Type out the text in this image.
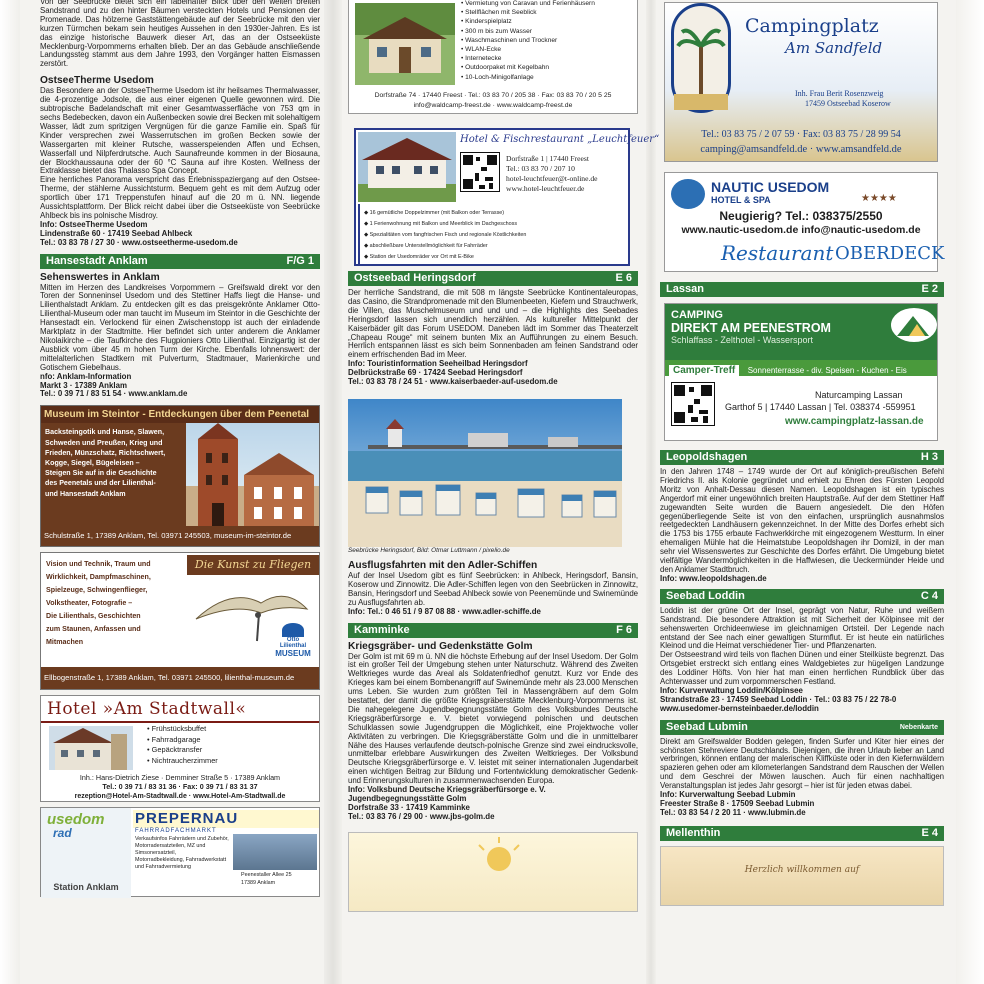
Von der Seebrücke bietet sich ein fabelhafter Blick über den weiten breiten Sandstrand und zu den hinter Bäumen versteckten Hotels und Pensionen der Promenade. Das hölzerne Gaststättengebäude auf der Seebrücke mit den vier kurzen Türmchen bekam sein heutiges Aussehen in den 1930er-Jahren. Es ist das einzige historische Bauwerk dieser Art, das an der Ostseeküste Mecklenburg-Vorpommerns erhalten blieb. Der an das Gebäude anschließende Landungssteg stammt aus dem Jahre 1993, den Vorgänger hatten Eismassen zerstört.
OstseeTherme Usedom
Das Besondere an der OstseeTherme Usedom ist ihr heilsames Thermalwasser, die 4-prozentige Jodsole, die aus einer eigenen Quelle gewonnen wird. Die subtropische Badelandschaft mit einer Gesamtwasserfläche von 753 qm in sechs Bedebecken, davon ein Außenbecken sowie drei Becken mit solehaltigem Wasser, lädt zum spritzigen Vergnügen für die ganze Familie ein. Spaß für Kinder versprechen zwei Wasserrutschen im großen Becken sowie der Wassergarten mit kleiner Rutsche, wasserspeienden Affen und Echsen, Wasserfall und Nilpferdrutsche. Auch Saunafreunde kommen in der Biosauna, der Blockhaussauna oder der 60 °C Sauna auf ihre Kosten. Wellness der Extraklasse bietet das Thalasso Spa Concept.
Eine herrliches Panorama verspricht das Erlebnisspaziergang auf den Ostsee-Therme, der stählerne Aussichtsturm. Bequem geht es mit dem Aufzug oder sportlich über 171 Treppenstufen hinauf auf die 20 m ü. NN. liegende Aussichtsplattform. Der Blick reicht dabei über die Ostseeküste von Seebrücke Ahlbeck bis ins polnische Misdroy.
Info: OstseeTherme Usedom
Lindenstraße 60 · 17419 Seebad Ahlbeck
Tel.: 03 83 78 / 27 30 · www.ostseetherme-usedom.de
Hansestadt Anklam	F/G 1
Sehenswertes in Anklam
Mitten im Herzen des Landkreises Vorpommern – Greifswald direkt vor den Toren der Sonneninsel Usedom und des Stettiner Haffs liegt die Hanse- und Lilienthalstadt Anklam. Zu entdecken gilt es das preisgekrönte Anklamer Otto-Lilienthal-Museum oder man taucht im Museum im Steintor in die Geschichte der Hansestadt ein. Verlockend für einen Zwischenstopp ist auch der einladende Marktplatz in der Stadtmitte. Hier befindet sich unter anderem die Anklamer Nikolaikirche – die Taufkirche des Flugpioniers Otto Lilienthal. Einzigartig ist der Ausblick vom über 45 m hohen Turm der Kirche. Ebenfalls lohnenswert: der mittelalterlichen Stadtkern mit Pulverturm, Stadtmauer, Marienkirche und Gotischem Giebelhaus.
nfo: Anklam-Information
Markt 3 · 17389 Anklam
Tel.: 0 39 71 / 83 51 54 · www.anklam.de
Museum im Steintor - Entdeckungen über dem Peenetal
Backsteingotik und Hanse, Slawen,
Schweden und Preußen, Krieg und
Frieden, Münzschatz, Richtschwert,
Kogge, Siegel, Bügeleisen –
Steigen Sie auf in die Geschichte
des Peenetals und der Lilienthal-
und Hansestadt Anklam
Schulstraße 1, 17389 Anklam, Tel. 03971 245503, museum-im-steintor.de
Vision und Technik, Traum und
Wirklichkeit, Dampfmaschinen,
Spielzeuge, Schwingenflieger,
Volkstheater, Fotografie –
Die Lilienthals, Geschichten
zum Staunen, Anfassen und
Mitmachen
Die Kunst zu Fliegen
Otto Lilienthal
MUSEUM
Ellbogenstraße 1, 17389 Anklam, Tel. 03971 245500, lilienthal-museum.de
Hotel »Am Stadtwall«
• Frühstücksbuffet
• Fahrradgarage
• Gepäcktransfer
• Nichtraucherzimmer
Inh.: Hans-Dietrich Ziese · Demminer Straße 5 · 17389 Anklam
Tel.: 0 39 71 / 83 31 36 · Fax: 0 39 71 / 83 31 37
rezeption@Hotel-Am-Stadtwall.de · www.Hotel-Am-Stadtwall.de
usedom
rad
Station Anklam
PREPERNAU
FAHRRADFACHMARKT
Verkaufsinfos Fahrrädern und Zubehör,
Motorradersatzteilen, MZ und Simsonersatzteil,
Motorradbekleidung, Fahrradwerkstatt
und Fahrradvermietung
Peenestaller Allee 25
17389 Anklam
• Vermietung von Caravan und Ferienhäusern
• Stellflächen mit Seeblick
• Kinderspielplatz
• 300 m bis zum Wasser
• Waschmaschinen und Trockner
• WLAN-Ecke
• Internetecke
• Outdoorpaket mit Kegelbahn
• 10-Loch-Minigolfanlage
Dorfstraße 74 · 17440 Freest · Tel.: 03 83 70 / 205 38 · Fax: 03 83 70 / 20 5 25
info@waldcamp-freest.de · www.waldcamp-freest.de
Hotel & Fischrestaurant „Leuchtfeuer“
Dorfstraße 1 | 17440 Freest
Tel.: 03 83 70 / 207 10
hotel-leuchtfeuer@t-online.de
www.hotel-leuchtfeuer.de
◆ 16 gemütliche Doppelzimmer (mit Balkon oder Terrasse)
◆ 1 Ferienwohnung mit Balkon und Meerblick im Dachgeschoss
◆ Spezialitäten vom fangfrischen Fisch und regionale Köstlichkeiten
◆ abschließbare Unterstellmöglichkeit für Fahrräder
◆ Station der Usedomräder vor Ort mit E-Bike
Ostseebad Heringsdorf	E 6
Der herrliche Sandstrand, die mit 508 m längste Seebrücke Kontinentaleuropas, das Casino, die Strandpromenade mit den Blumenbeeten, Kiefern und Strauchwerk, die Villen, das Muschelmuseum und und und – die Highlights des Seebades Heringsdorf lassen sich unendlich herzählen. Als kultureller Mittelpunkt der Kaiserbäder gilt das Forum USEDOM. Daneben lädt im Sommer das Theaterzelt „Chapeau Rouge“ mit seinem bunten Mix an Aufführungen zu einem Besuch. Herrlich entspannen lässt es sich beim Sonnenbaden am feinen Sandstrand oder einem erfrischenden Bad im Meer.
Info: Touristinformation Seeheilbad Heringsdorf
Delbrückstraße 69 · 17424 Seebad Heringsdorf
Tel.: 03 83 78 / 24 51 · www.kaiserbaeder-auf-usedom.de
Seebrücke Heringsdorf, Bild: Otmar Luttmann / pixelio.de
Ausflugsfahrten mit den Adler-Schiffen
Auf der Insel Usedom gibt es fünf Seebrücken: in Ahlbeck, Heringsdorf, Bansin, Koserow und Zinnowitz. Die Adler-Schiffen legen von den Seebrücken in Zinnowitz, Bansin, Heringsdorf und Seebad Ahlbeck sowie von Peenemünde und Swinemünde zu Ausflugsfahrten ab.
Info: Tel.: 0 46 51 / 9 87 08 88 · www.adler-schiffe.de
Kamminke	F 6
Kriegsgräber- und Gedenkstätte Golm
Der Golm ist mit 69 m ü. NN die höchste Erhebung auf der Insel Usedom. Der Golm ist ein großer Teil der Umgebung stehen unter Naturschutz. Während des Zweiten Weltkrieges wurde das Areal als Soldatenfriedhof genutzt. Kurz vor Ende des Krieges kam bei einem Bombenangriff auf Swinemünde mehr als 23.000 Menschen ums Leben. Sie wurden zum größten Teil in Massengräbern auf dem Golm bestattet, der damit die größte Kriegsgräberstätte Mecklenburg-Vorpommerns ist. Die nahegelegene Jugendbegegnungsstätte Golm des Volksbundes Deutsche Kriegsgräberfürsorge e. V. bietet vorwiegend polnischen und deutschen Schulklassen sowie Jugendgruppen die Möglichkeit, eine Projektwoche voller Aktivitäten zu verbringen. Die Kriegsgräberstätte Golm und die in unmittelbarer Nähe des Hauses verlaufende deutsch-polnische Grenze sind zwei eindrucksvolle, unmittelbar erlebbare Auswirkungen des Zweiten Weltkrieges. Der Volksbund Deutsche Kriegsgräberfürsorge e. V. leistet mit seiner internationalen Jugendarbeit einen wichtigen Beitrag zur Bildung und Fortentwicklung demokratischer Gedenk- und Erinnerungskulturen in zusammenwachsenden Europa.
Info: Volksbund Deutsche Kriegsgräberfürsorge e. V.
Jugendbegegnungsstätte Golm
Dorfstraße 33 · 17419 Kamminke
Tel.: 03 83 76 / 29 00 · www.jbs-golm.de
Campingplatz
Am Sandfeld
Inh. Frau Berit Rosenzweig
17459 Ostseebad Koserow
Tel.: 03 83 75 / 2 07 59 · Fax: 03 83 75 / 28 99 54
camping@amsandfeld.de · www.amsandfeld.de
NAUTIC USEDOM
HOTEL & SPA	★★★★
Neugierig? Tel.: 038375/2550
www.nautic-usedom.de info@nautic-usedom.de
Restaurant OBERDECK
Lassan	E 2
CAMPING
DIREKT AM PEENESTROM
Schlaffass - Zelthotel - Wassersport
Camper-Treff Sonnenterrasse - div. Speisen - Kuchen - Eis
Naturcamping Lassan
Garthof 5 | 17440 Lassan | Tel. 038374 -559951
www.campingplatz-lassan.de
Leopoldshagen	H 3
In den Jahren 1748 – 1749 wurde der Ort auf königlich-preußischen Befehl Friedrichs II. als Kolonie gegründet und erhielt zu Ehren des Fürsten Leopold Moritz von Anhalt-Dessau diesen Namen. Leopoldshagen ist ein typisches Angerdorf mit einer ungewöhnlich breiten Hauptstraße. Auf der dem Stettiner Haff zugewandten Seite wurden die Bauern angesiedelt. Die den Höfen gegenüberliegende Seite ist von den einfachen, ursprünglich ausnahmslos reetgedeckten Landhäusern gekennzeichnet. In der Mitte des Dorfes erhebt sich die 1753 bis 1755 erbaute Fachwerkkirche mit eingezogenem Westturm. In einer ehemaligen Mühle hat die Heimatstube Leopoldshagen ihr Domizil, in der man sehr viel Wissenswertes zur Geschichte des Dorfes erfährt. Die Umgebung bietet vielfältige Wandermöglichkeiten in die Haffwiesen, die Ueckermünder Heide und den Anklamer Stadtbruch.
Info: www.leopoldshagen.de
Seebad Loddin	C 4
Loddin ist der grüne Ort der Insel, geprägt von Natur, Ruhe und weißem Sandstrand. Die besondere Attraktion ist mit Sicherheit der Kölpinsee mit der sehenswerten Orchideenwiese im gleichnamigen Ortsteil. Der Legende nach entstand der See nach einer gewaltigen Sturmflut. Er ist heute ein natürliches Kleinod und die Heimat verschiedener Tier- und Pflanzenarten.
Der Ostseestrand wird teils von flachen Dünen und einer Steilküste begrenzt. Das Ortsgebiet erstreckt sich entlang eines Waldgebietes zur hügeligen Landzunge des Loddiner Höfts. Von hier hat man einen herrlichen Rundblick über das Achterwasser und zum vorpommerschen Festland.
Info: Kurverwaltung Loddin/Kölpinsee
Strandstraße 23 · 17459 Seebad Loddin · Tel.: 03 83 75 / 22 78-0
www.usedomer-bernsteinbaeder.de/loddin
Seebad Lubmin	Nebenkarte
Direkt am Greifswalder Bodden gelegen, finden Surfer und Kiter hier eines der schönsten Stehreviere Deutschlands. Diejenigen, die ihren Urlaub lieber an Land verbringen, können entlang der malerischen Kliffküste oder in den Kiefernwäldern spazieren gehen oder am kilometerlangen Sandstrand dem Rauschen der Wellen und dem Geschrei der Möwen lauschen. Auch für einen nachhaltigen Veranstaltungsplan ist jedes Jahr gesorgt – hier ist für jeden etwas dabei.
Info: Kurverwaltung Seebad Lubmin
Freester Straße 8 · 17509 Seebad Lubmin
Tel.: 03 83 54 / 2 20 11 · www.lubmin.de
Mellenthin	E 4
Herzlich willkommen auf
